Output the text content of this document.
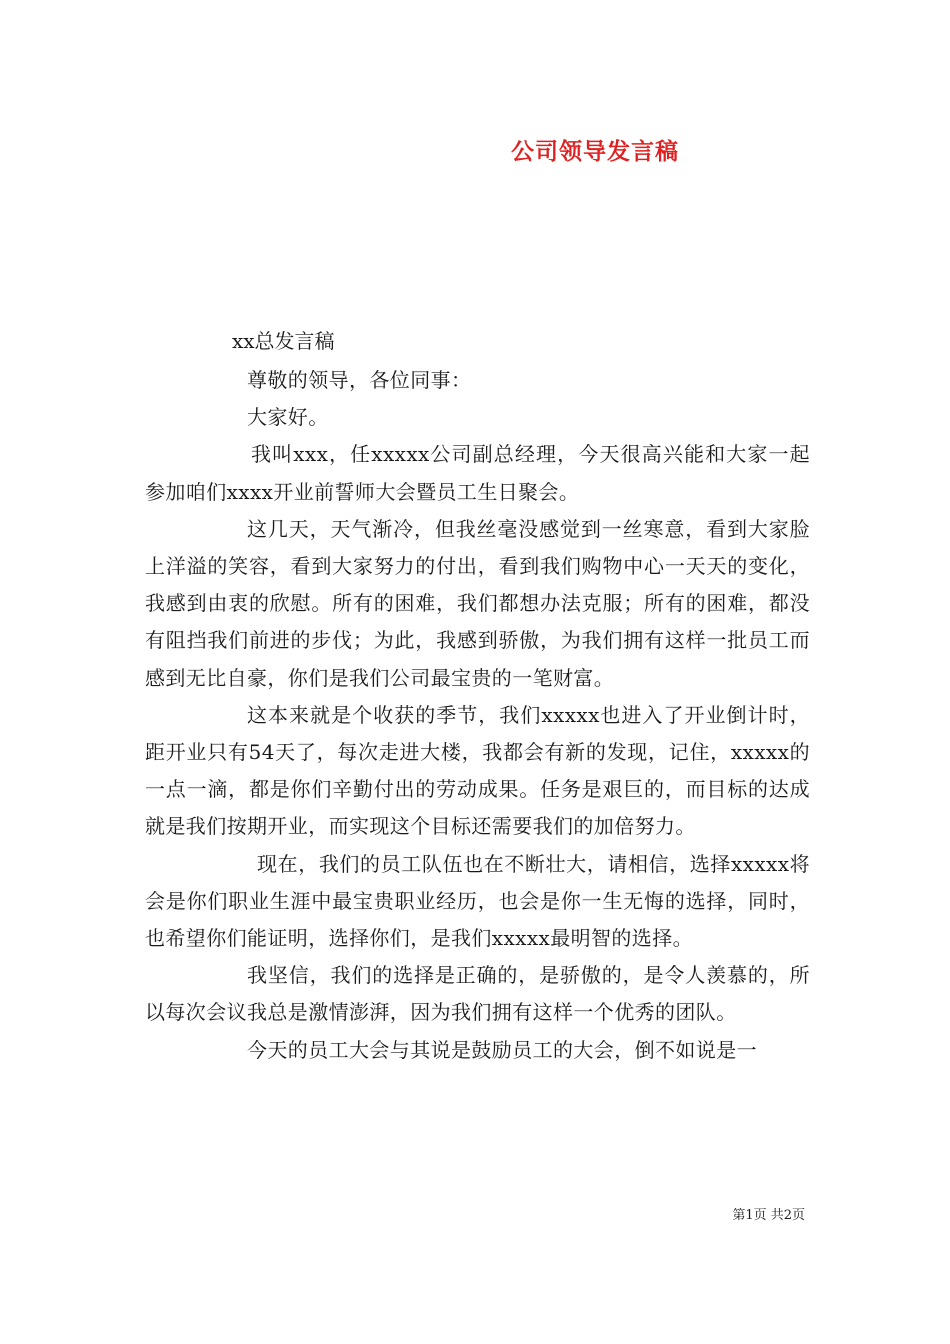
公司领导发言稿
xx总发言稿

尊敬的领导，各位同事：

大家好。

我叫xxx，任xxxxx公司副总经理，今天很高兴能和大家一起参加咱们xxxx开业前誓师大会暨员工生日聚会。

这几天，天气渐冷，但我丝毫没感觉到一丝寒意，看到大家脸上洋溢的笑容，看到大家努力的付出，看到我们购物中心一天天的变化，我感到由衷的欣慰。所有的困难，我们都想办法克服；所有的困难，都没有阻挡我们前进的步伐；为此，我感到骄傲，为我们拥有这样一批员工而感到无比自豪，你们是我们公司最宝贵的一笔财富。

这本来就是个收获的季节，我们xxxxx也进入了开业倒计时，距开业只有54天了，每次走进大楼，我都会有新的发现，记住，xxxxx的一点一滴，都是你们辛勤付出的劳动成果。任务是艰巨的，而目标的达成就是我们按期开业，而实现这个目标还需要我们的加倍努力。

现在，我们的员工队伍也在不断壮大，请相信，选择xxxxx将会是你们职业生涯中最宝贵职业经历，也会是你一生无悔的选择，同时，也希望你们能证明，选择你们，是我们xxxxx最明智的选择。

我坚信，我们的选择是正确的，是骄傲的，是令人羡慕的，所以每次会议我总是激情澎湃，因为我们拥有这样一个优秀的团队。

今天的员工大会与其说是鼓励员工的大会，倒不如说是一

第1页 共2页
